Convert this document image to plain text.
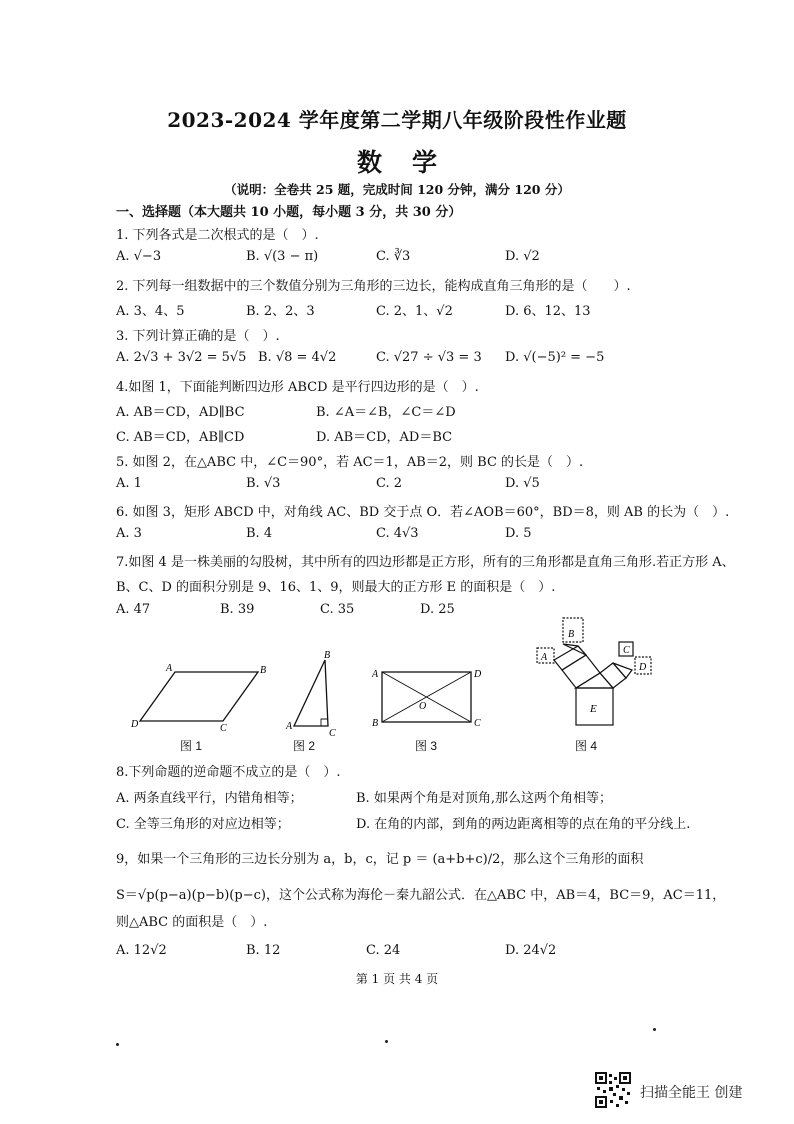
2023-2024 学年度第二学期八年级阶段性作业题
数学
（说明：全卷共 25 题，完成时间 120 分钟，满分 120 分）
一、选择题（本大题共 10 小题，每小题 3 分，共 30 分）
1. 下列各式是二次根式的是（　）.
A. √−3	B. √(3 − π)	C. ∛3	D. √2
2. 下列每一组数据中的三个数值分别为三角形的三边长，能构成直角三角形的是（　　）.
A. 3、4、5	B. 2、2、3	C. 2、1、√2	D. 6、12、13
3. 下列计算正确的是（　）.
A. 2√3 + 3√2 = 5√5 B. √8 = 4√2	C. √27 ÷ √3 = 3 D. √(−5)² = −5
4.如图 1，下面能判断四边形 ABCD 是平行四边形的是（　）.
A. AB＝CD，AD∥BC	B. ∠A＝∠B，∠C＝∠D
C. AB＝CD，AB∥CD	D. AB＝CD，AD＝BC
5. 如图 2，在△ABC 中，∠C＝90°，若 AC＝1，AB＝2，则 BC 的长是（　）.
A. 1	B. √3	C. 2	D. √5
6. 如图 3，矩形 ABCD 中，对角线 AC、BD 交于点 O．若∠AOB＝60°，BD＝8，则 AB 的长为（　）.
A. 3	B. 4	C. 4√3	D. 5
7.如图 4 是一株美丽的勾股树，其中所有的四边形都是正方形，所有的三角形都是直角三角形.若正方形 A、
B、C、D 的面积分别是 9、16、1、9，则最大的正方形 E 的面积是（　）.
A. 47	B. 39	C. 35	D. 25
A	B
C
D
B
A
C
A
B	C
D
O
B
A
C
D
E
图 1	图 2	图 3	图 4
8.下列命题的逆命题不成立的是（　）.
A. 两条直线平行，内错角相等；	B. 如果两个角是对顶角,那么这两个角相等；
C. 全等三角形的对应边相等；	D. 在角的内部，到角的两边距离相等的点在角的平分线上.
9，如果一个三角形的三边长分别为 a，b，c，记 p ＝ (a+b+c)/2，那么这个三角形的面积
S＝√p(p−a)(p−b)(p−c)，这个公式称为海伦－秦九韶公式．在△ABC 中，AB＝4，BC＝9，AC＝11，
则△ABC 的面积是（　）.
A. 12√2	B. 12	C. 24	D. 24√2
第 1 页 共 4 页
扫描全能王 创建
